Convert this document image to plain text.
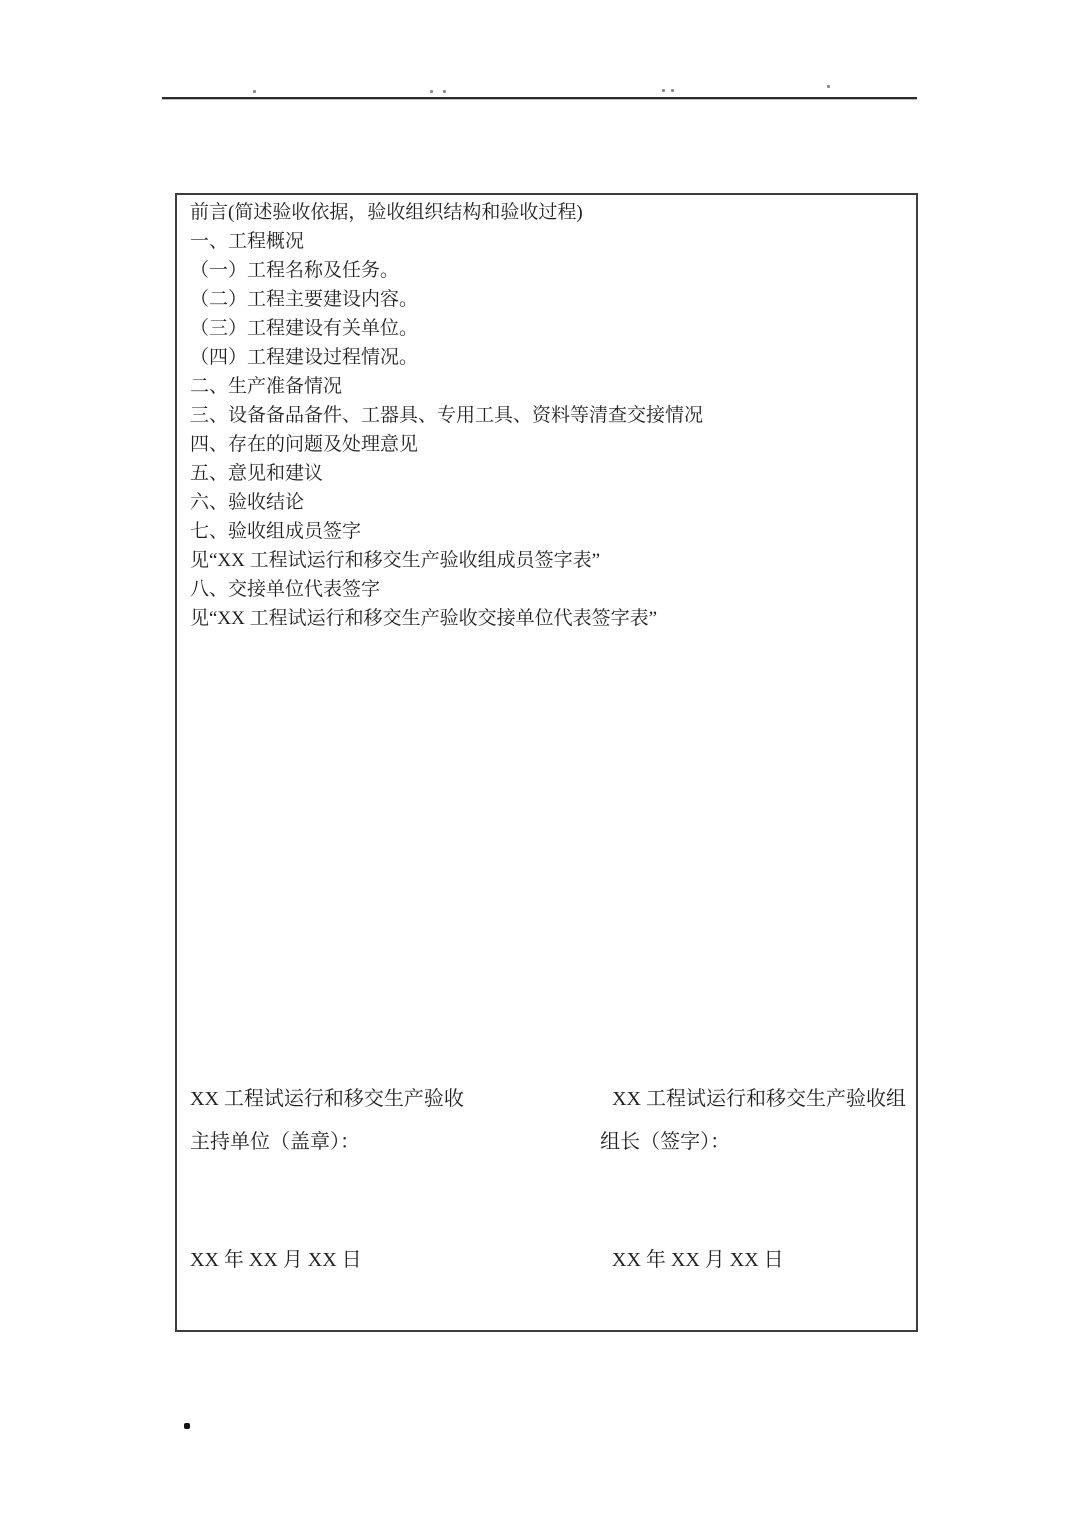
前言(简述验收依据，验收组织结构和验收过程)

一、工程概况

（一）工程名称及任务。

（二）工程主要建设内容。

（三）工程建设有关单位。

（四）工程建设过程情况。

二、生产准备情况

三、设备备品备件、工器具、专用工具、资料等清查交接情况

四、存在的问题及处理意见

五、意见和建议

六、验收结论

七、验收组成员签字

见“XX 工程试运行和移交生产验收组成员签字表”

八、交接单位代表签字

见“XX 工程试运行和移交生产验收交接单位代表签字表”

XX 工程试运行和移交生产验收

主持单位（盖章）：

XX 工程试运行和移交生产验收组

组长（签字）：

XX 年 XX 月 XX 日	XX 年 XX 月 XX 日
